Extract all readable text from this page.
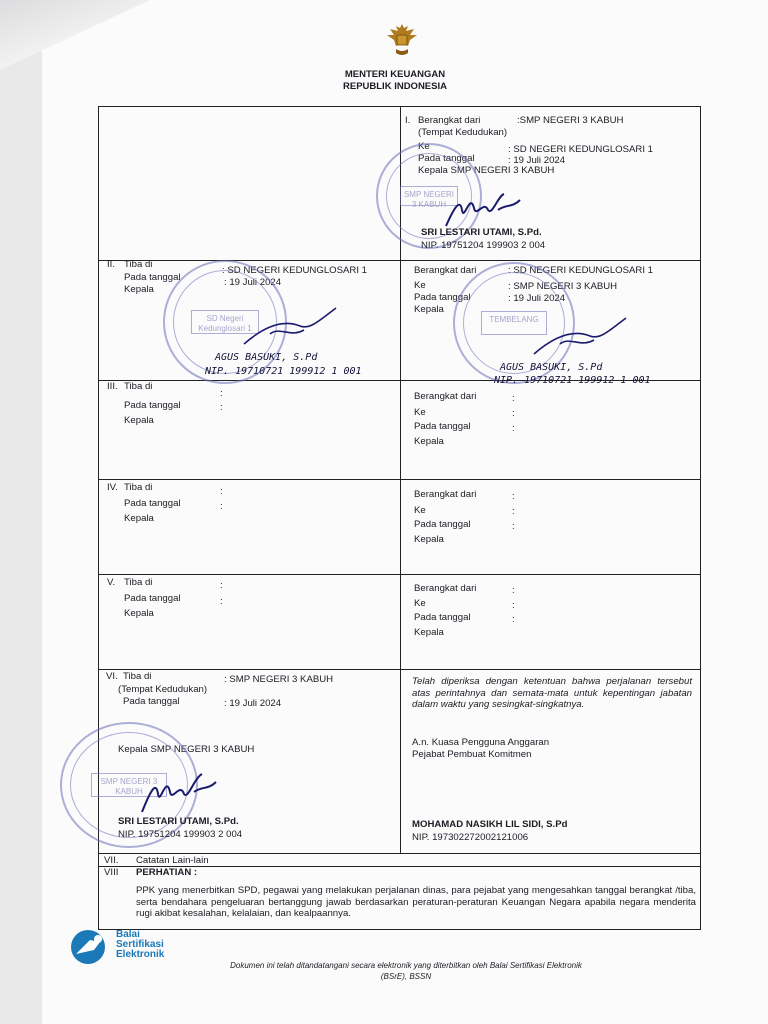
MENTERI KEUANGAN
REPUBLIK INDONESIA
I. Berangkat dari	:SMP NEGERI 3 KABUH
(Tempat Kedudukan)
Ke	: SD NEGERI KEDUNGLOSARI 1
Pada tanggal	: 19 Juli 2024
Kepala SMP NEGERI 3 KABUH
SMP NEGERI 3 KABUH
SRI LESTARI UTAMI, S.Pd.
NIP. 19751204 199903 2 004
II. Tiba di
: SD NEGERI KEDUNGLOSARI 1
Pada tanggal	: 19 Juli 2024
Kepala
SD Negeri Kedunglosari 1
AGUS BASUKI, S.Pd
NIP. 19710721 199912 1 001
Berangkat dari	: SD NEGERI KEDUNGLOSARI 1
Ke	: SMP NEGERI 3 KABUH
Pada tanggal	: 19 Juli 2024
Kepala
TEMBELANG
AGUS BASUKI, S.Pd
NIP. 19710721 199912 1 001
III. Tiba di
:
Pada tanggal	:
Kepala
Berangkat dari	:
Ke	:
Pada tanggal	:
Kepala
IV. Tiba di	:
Pada tanggal	:
Kepala
Berangkat dari	:
Ke	:
Pada tanggal	:
Kepala
V. Tiba di	:
Pada tanggal	:
Kepala
Berangkat dari	:
Ke	:
Pada tanggal	:
Kepala
VI. Tiba di	: SMP NEGERI 3 KABUH
(Tempat Kedudukan)
Pada tanggal	: 19 Juli 2024
Kepala SMP NEGERI 3 KABUH
SMP NEGERI 3 KABUH
SRI LESTARI UTAMI, S.Pd.
NIP. 19751204 199903 2 004
Telah diperiksa dengan ketentuan bahwa perjalanan tersebut atas perintahnya dan semata-mata untuk kepentingan jabatan dalam waktu yang sesingkat-singkatnya.
A.n. Kuasa Pengguna Anggaran
Pejabat Pembuat Komitmen
MOHAMAD NASIKH LIL SIDI, S.Pd
NIP. 197302272002121006
VII. Catatan Lain-lain
VIII PERHATIAN :
PPK yang menerbitkan SPD, pegawai yang melakukan perjalanan dinas, para pejabat yang mengesahkan tanggal berangkat /tiba, serta bendahara pengeluaran bertanggung jawab berdasarkan peraturan-peraturan Keuangan Negara apabila negara menderita rugi akibat kesalahan, kelalaian, dan kealpaannya.
Balai
Sertifikasi
Elektronik
Dokumen ini telah ditandatangani secara elektronik yang diterbitkan oleh Balai Sertifikasi Elektronik
(BSrE), BSSN
